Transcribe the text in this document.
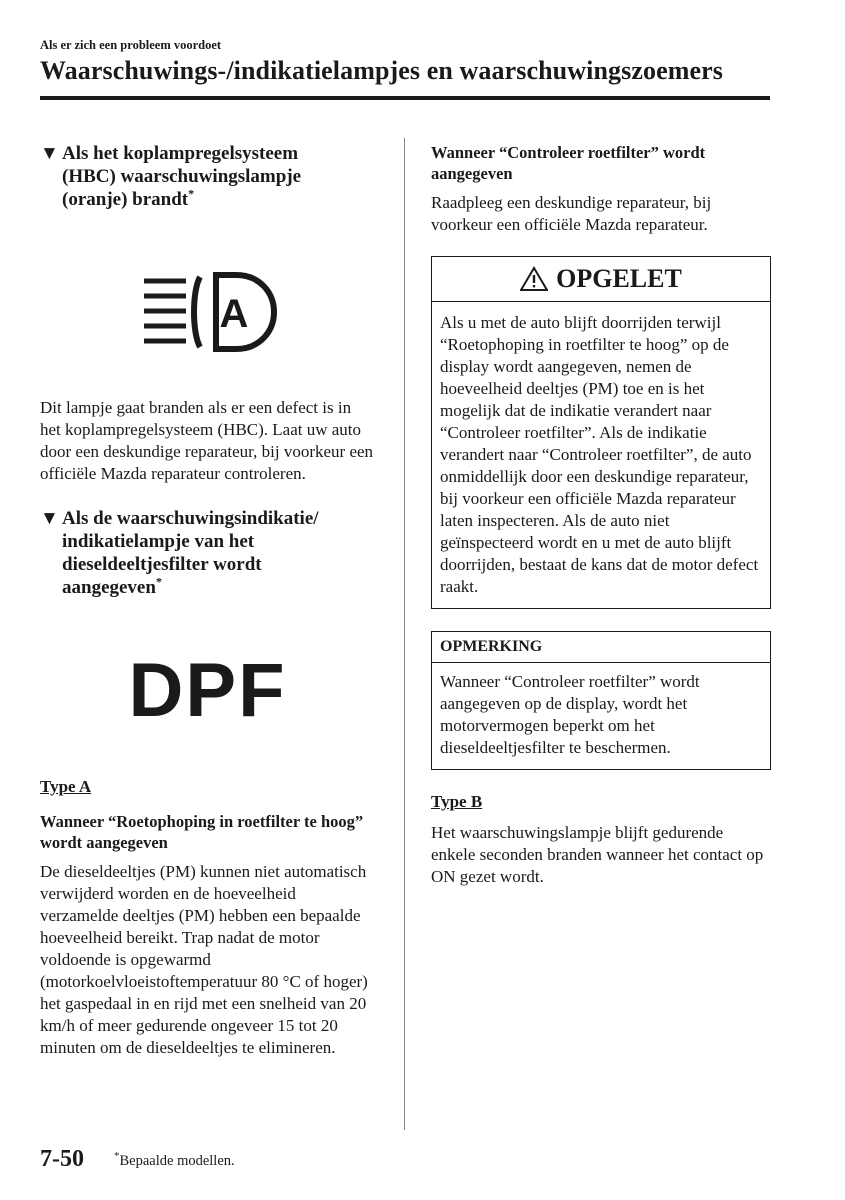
Als er zich een probleem voordoet
Waarschuwings-/indikatielampjes en waarschuwingszoemers
▼ Als het koplampregelsysteem
(HBC) waarschuwingslampje
(oranje) brandt*
A
Dit lampje gaat branden als er een defect is in het koplampregelsysteem (HBC). Laat uw auto door een deskundige reparateur, bij voorkeur een officiële Mazda reparateur controleren.
▼ Als de waarschuwingsindikatie/
indikatielampje van het
dieseldeeltjesfilter wordt
aangegeven*
DPF
Type A
Wanneer “Roetophoping in roetfilter te hoog” wordt aangegeven
De dieseldeeltjes (PM) kunnen niet automatisch verwijderd worden en de hoeveelheid verzamelde deeltjes (PM) hebben een bepaalde hoeveelheid bereikt. Trap nadat de motor voldoende is opgewarmd (motorkoelvloeistoftemperatuur 80 °C of hoger) het gaspedaal in en rijd met een snelheid van 20 km/h of meer gedurende ongeveer 15 tot 20 minuten om de dieseldeeltjes te elimineren.
Wanneer “Controleer roetfilter” wordt aangegeven
Raadpleeg een deskundige reparateur, bij voorkeur een officiële Mazda reparateur.
OPGELET
Als u met de auto blijft doorrijden terwijl “Roetophoping in roetfilter te hoog” op de display wordt aangegeven, nemen de hoeveelheid deeltjes (PM) toe en is het mogelijk dat de indikatie verandert naar “Controleer roetfilter”. Als de indikatie verandert naar “Controleer roetfilter”, de auto onmiddellijk door een deskundige reparateur, bij voorkeur een officiële Mazda reparateur laten inspecteren. Als de auto niet geïnspecteerd wordt en u met de auto blijft doorrijden, bestaat de kans dat de motor defect raakt.
OPMERKING
Wanneer “Controleer roetfilter” wordt aangegeven op de display, wordt het motorvermogen beperkt om het dieseldeeltjesfilter te beschermen.
Type B
Het waarschuwingslampje blijft gedurende enkele seconden branden wanneer het contact op ON gezet wordt.
7-50	*Bepaalde modellen.
